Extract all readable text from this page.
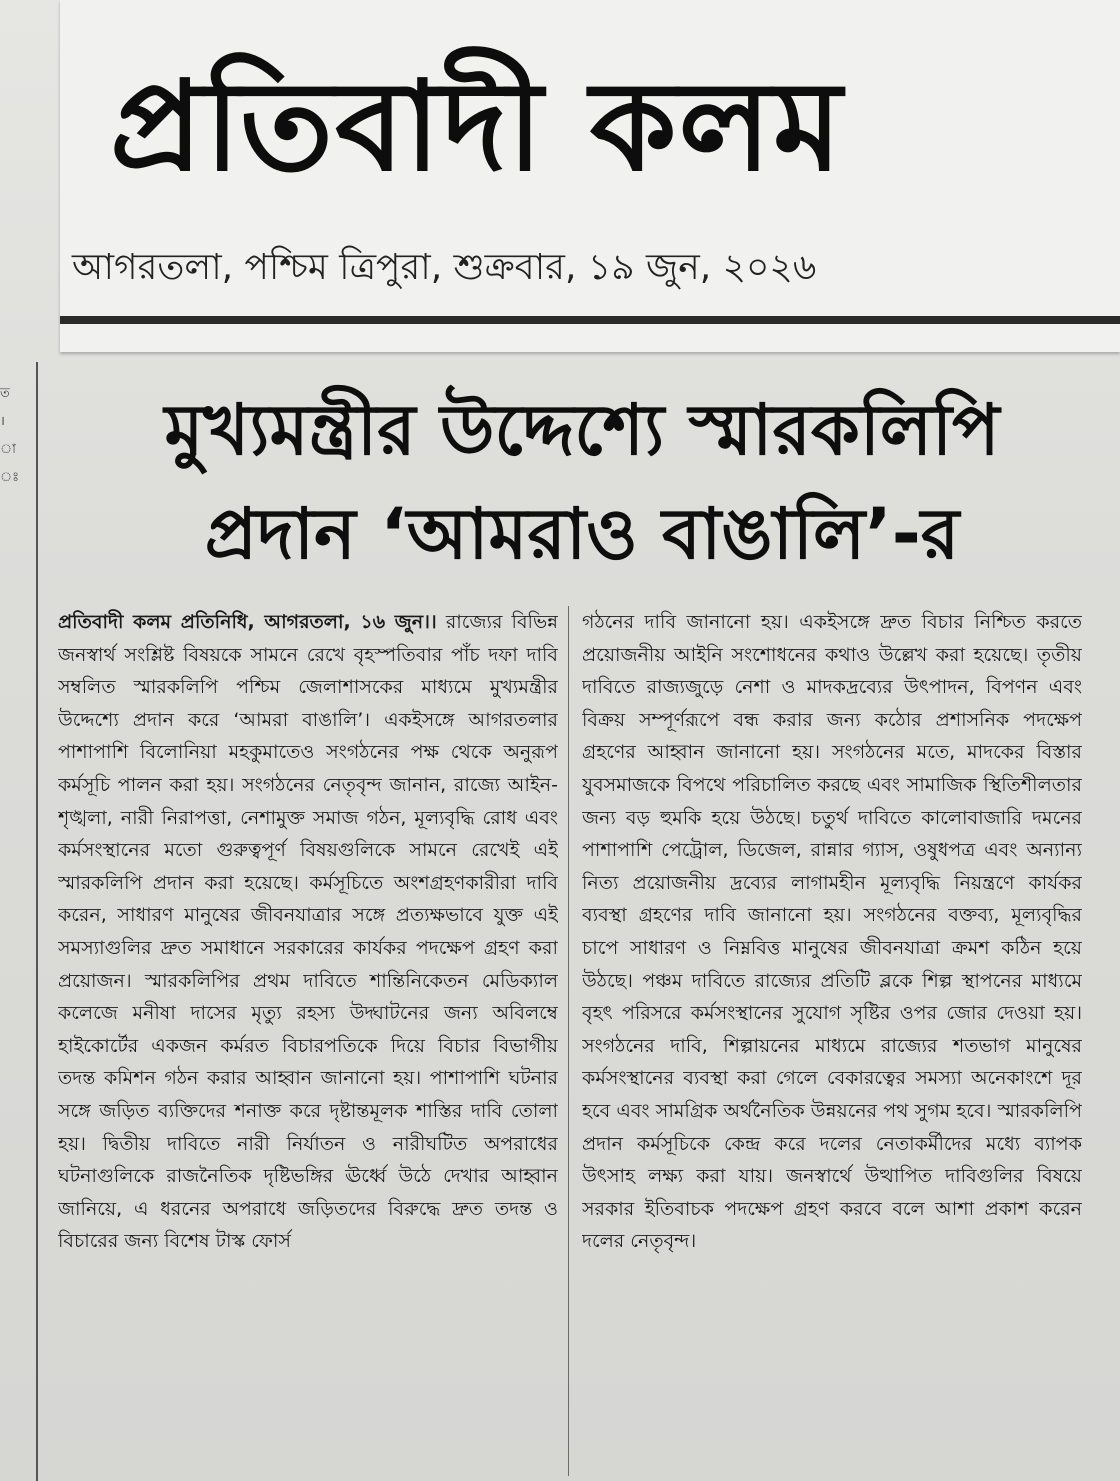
প্রতিবাদী কলম
আগরতলা, পশ্চিম ত্রিপুরা, শুক্রবার, ১৯ জুন, ২০২৬
ত
।
া
ঃ
মুখ্যমন্ত্রীর উদ্দেশ্যে স্মারকলিপি
প্রদান ‘আমরাও বাঙালি’-র
প্রতিবাদী কলম প্রতিনিধি, আগরতলা, ১৬ জুন।। রাজ্যের বিভিন্ন জনস্বার্থ সংশ্লিষ্ট বিষয়কে সামনে রেখে বৃহস্পতিবার পাঁচ দফা দাবি সম্বলিত স্মারকলিপি পশ্চিম জেলাশাসকের মাধ্যমে মুখ্যমন্ত্রীর উদ্দেশ্যে প্রদান করে ‘আমরা বাঙালি’। একইসঙ্গে আগরতলার পাশাপাশি বিলোনিয়া মহকুমাতেও সংগঠনের পক্ষ থেকে অনুরূপ কর্মসূচি পালন করা হয়। সংগঠনের নেতৃবৃন্দ জানান, রাজ্যে আইন-শৃঙ্খলা, নারী নিরাপত্তা, নেশামুক্ত সমাজ গঠন, মূল্যবৃদ্ধি রোধ এবং কর্মসংস্থানের মতো গুরুত্বপূর্ণ বিষয়গুলিকে সামনে রেখেই এই স্মারকলিপি প্রদান করা হয়েছে। কর্মসূচিতে অংশগ্রহণকারীরা দাবি করেন, সাধারণ মানুষের জীবনযাত্রার সঙ্গে প্রত্যক্ষভাবে যুক্ত এই সমস্যাগুলির দ্রুত সমাধানে সরকারের কার্যকর পদক্ষেপ গ্রহণ করা প্রয়োজন। স্মারকলিপির প্রথম দাবিতে শান্তিনিকেতন মেডিক্যাল কলেজে মনীষা দাসের মৃত্যু রহস্য উদ্ঘাটনের জন্য অবিলম্বে হাইকোর্টের একজন কর্মরত বিচারপতিকে দিয়ে বিচার বিভাগীয় তদন্ত কমিশন গঠন করার আহ্বান জানানো হয়। পাশাপাশি ঘটনার সঙ্গে জড়িত ব্যক্তিদের শনাক্ত করে দৃষ্টান্তমূলক শাস্তির দাবি তোলা হয়। দ্বিতীয় দাবিতে নারী নির্যাতন ও নারীঘটিত অপরাধের ঘটনাগুলিকে রাজনৈতিক দৃষ্টিভঙ্গির ঊর্ধ্বে উঠে দেখার আহ্বান জানিয়ে, এ ধরনের অপরাধে জড়িতদের বিরুদ্ধে দ্রুত তদন্ত ও বিচারের জন্য বিশেষ টাস্ক ফোর্স
গঠনের দাবি জানানো হয়। একইসঙ্গে দ্রুত বিচার নিশ্চিত করতে প্রয়োজনীয় আইনি সংশোধনের কথাও উল্লেখ করা হয়েছে। তৃতীয় দাবিতে রাজ্যজুড়ে নেশা ও মাদকদ্রব্যের উৎপাদন, বিপণন এবং বিক্রয় সম্পূর্ণরূপে বন্ধ করার জন্য কঠোর প্রশাসনিক পদক্ষেপ গ্রহণের আহ্বান জানানো হয়। সংগঠনের মতে, মাদকের বিস্তার যুবসমাজকে বিপথে পরিচালিত করছে এবং সামাজিক স্থিতিশীলতার জন্য বড় হুমকি হয়ে উঠছে। চতুর্থ দাবিতে কালোবাজারি দমনের পাশাপাশি পেট্রোল, ডিজেল, রান্নার গ্যাস, ওষুধপত্র এবং অন্যান্য নিত্য প্রয়োজনীয় দ্রব্যের লাগামহীন মূল্যবৃদ্ধি নিয়ন্ত্রণে কার্যকর ব্যবস্থা গ্রহণের দাবি জানানো হয়। সংগঠনের বক্তব্য, মূল্যবৃদ্ধির চাপে সাধারণ ও নিম্নবিত্ত মানুষের জীবনযাত্রা ক্রমশ কঠিন হয়ে উঠছে। পঞ্চম দাবিতে রাজ্যের প্রতিটি ব্লকে শিল্প স্থাপনের মাধ্যমে বৃহৎ পরিসরে কর্মসংস্থানের সুযোগ সৃষ্টির ওপর জোর দেওয়া হয়। সংগঠনের দাবি, শিল্পায়নের মাধ্যমে রাজ্যের শতভাগ মানুষের কর্মসংস্থানের ব্যবস্থা করা গেলে বেকারত্বের সমস্যা অনেকাংশে দূর হবে এবং সামগ্রিক অর্থনৈতিক উন্নয়নের পথ সুগম হবে। স্মারকলিপি প্রদান কর্মসূচিকে কেন্দ্র করে দলের নেতাকর্মীদের মধ্যে ব্যাপক উৎসাহ লক্ষ্য করা যায়। জনস্বার্থে উত্থাপিত দাবিগুলির বিষয়ে সরকার ইতিবাচক পদক্ষেপ গ্রহণ করবে বলে আশা প্রকাশ করেন দলের নেতৃবৃন্দ।
